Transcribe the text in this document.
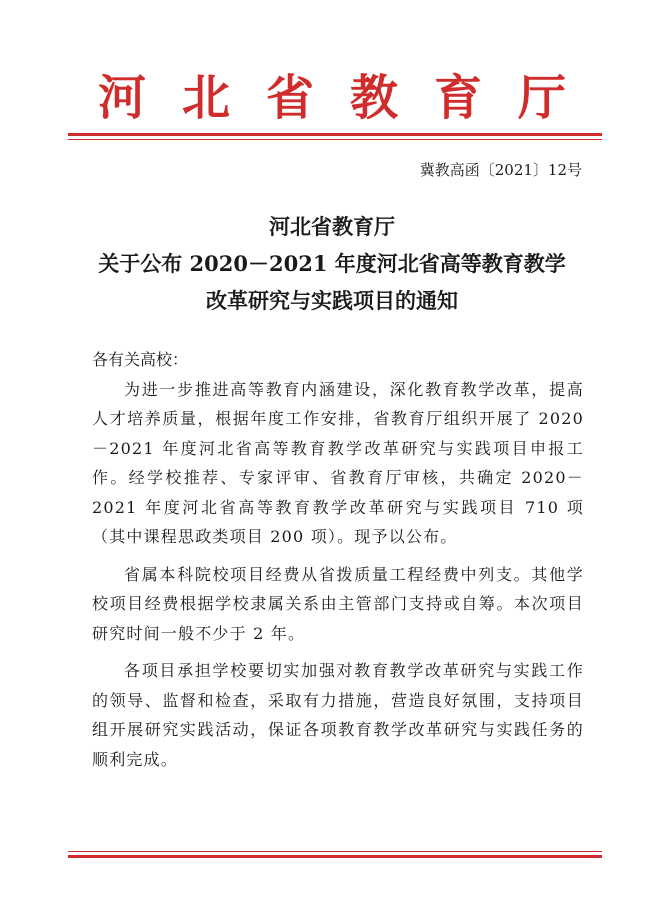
河北省教育厅
冀教高函〔2021〕12号
河北省教育厅
关于公布 2020－2021 年度河北省高等教育教学
改革研究与实践项目的通知

各有关高校：

为进一步推进高等教育内涵建设，深化教育教学改革，提高人才培养质量，根据年度工作安排，省教育厅组织开展了 2020－2021 年度河北省高等教育教学改革研究与实践项目申报工作。经学校推荐、专家评审、省教育厅审核，共确定 2020－2021 年度河北省高等教育教学改革研究与实践项目 710 项（其中课程思政类项目 200 项）。现予以公布。

省属本科院校项目经费从省拨质量工程经费中列支。其他学校项目经费根据学校隶属关系由主管部门支持或自筹。本次项目研究时间一般不少于 2 年。

各项目承担学校要切实加强对教育教学改革研究与实践工作的领导、监督和检查，采取有力措施，营造良好氛围，支持项目组开展研究实践活动，保证各项教育教学改革研究与实践任务的顺利完成。
